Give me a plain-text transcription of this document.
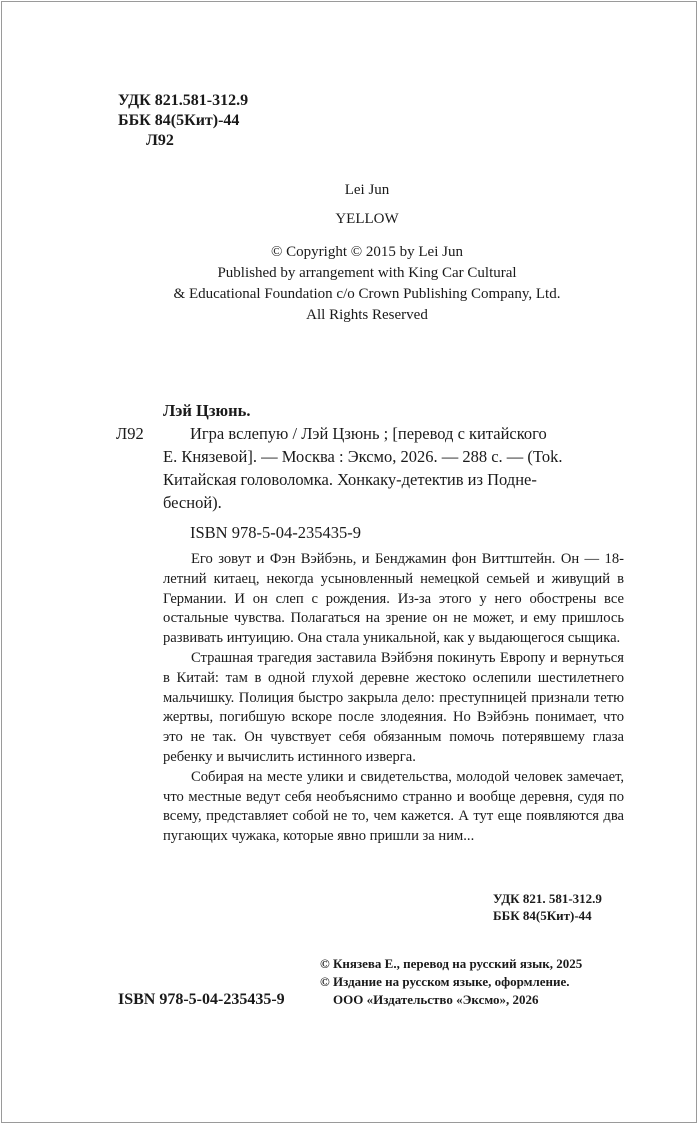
УДК 821.581-312.9
ББК 84(5Кит)-44
Л92
Lei Jun
YELLOW
© Copyright © 2015 by Lei Jun
Published by arrangement with King Car Cultural
& Educational Foundation c/o Crown Publishing Company, Ltd.
All Rights Reserved
Лэй Цзюнь.
Л92	Игра вслепую / Лэй Цзюнь ; [перевод с китайского
Е. Князевой]. — Москва : Эксмо, 2026. — 288 с. — (Tok.
Китайская головоломка. Хонкаку-детектив из Подне-
бесной).
ISBN 978-5-04-235435-9

Его зовут и Фэн Вэйбэнь, и Бенджамин фон Виттштейн. Он — 18-летний китаец, некогда усыновленный немецкой семьей и живущий в Германии. И он слеп с рождения. Из-за этого у него обострены все остальные чувства. Полагаться на зрение он не может, и ему пришлось развивать интуицию. Она стала уникальной, как у выдающегося сыщика.

Страшная трагедия заставила Вэйбэня покинуть Европу и вернуться в Китай: там в одной глухой деревне жестоко ослепили шестилетнего мальчишку. Полиция быстро закрыла дело: преступницей признали тетю жертвы, погибшую вскоре после злодеяния. Но Вэйбэнь понимает, что это не так. Он чувствует себя обязанным помочь потерявшему глаза ребенку и вычислить истинного изверга.

Собирая на месте улики и свидетельства, молодой человек замечает, что местные ведут себя необъяснимо странно и вообще деревня, судя по всему, представляет собой не то, чем кажется. А тут еще появляются два пугающих чужака, которые явно пришли за ним...

УДК 821. 581-312.9
ББК 84(5Кит)-44
ISBN 978-5-04-235435-9
© Князева Е., перевод на русский язык, 2025
© Издание на русском языке, оформление.
ООО «Издательство «Эксмо», 2026
